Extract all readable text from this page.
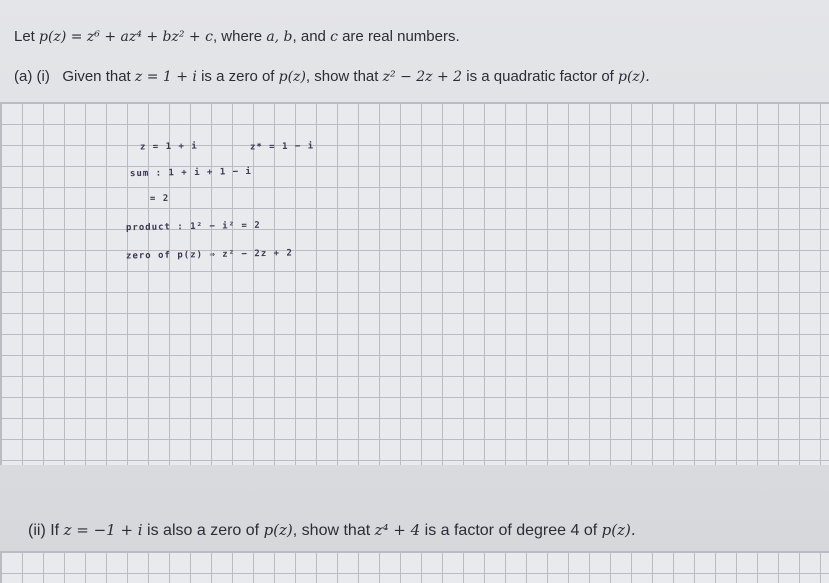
Let p(z) = z⁶ + az⁴ + bz² + c, where a, b, and c are real numbers.
(a) (i) Given that z = 1 + i is a zero of p(z), show that z² − 2z + 2 is a quadratic factor of p(z).
z = 1 + i	z* = 1 − i
sum : 1 + i + 1 − i
= 2
product : 1² − i² = 2
zero of p(z) ⇒ z² − 2z + 2
(ii) If z = −1 + i is also a zero of p(z), show that z⁴ + 4 is a factor of degree 4 of p(z).
